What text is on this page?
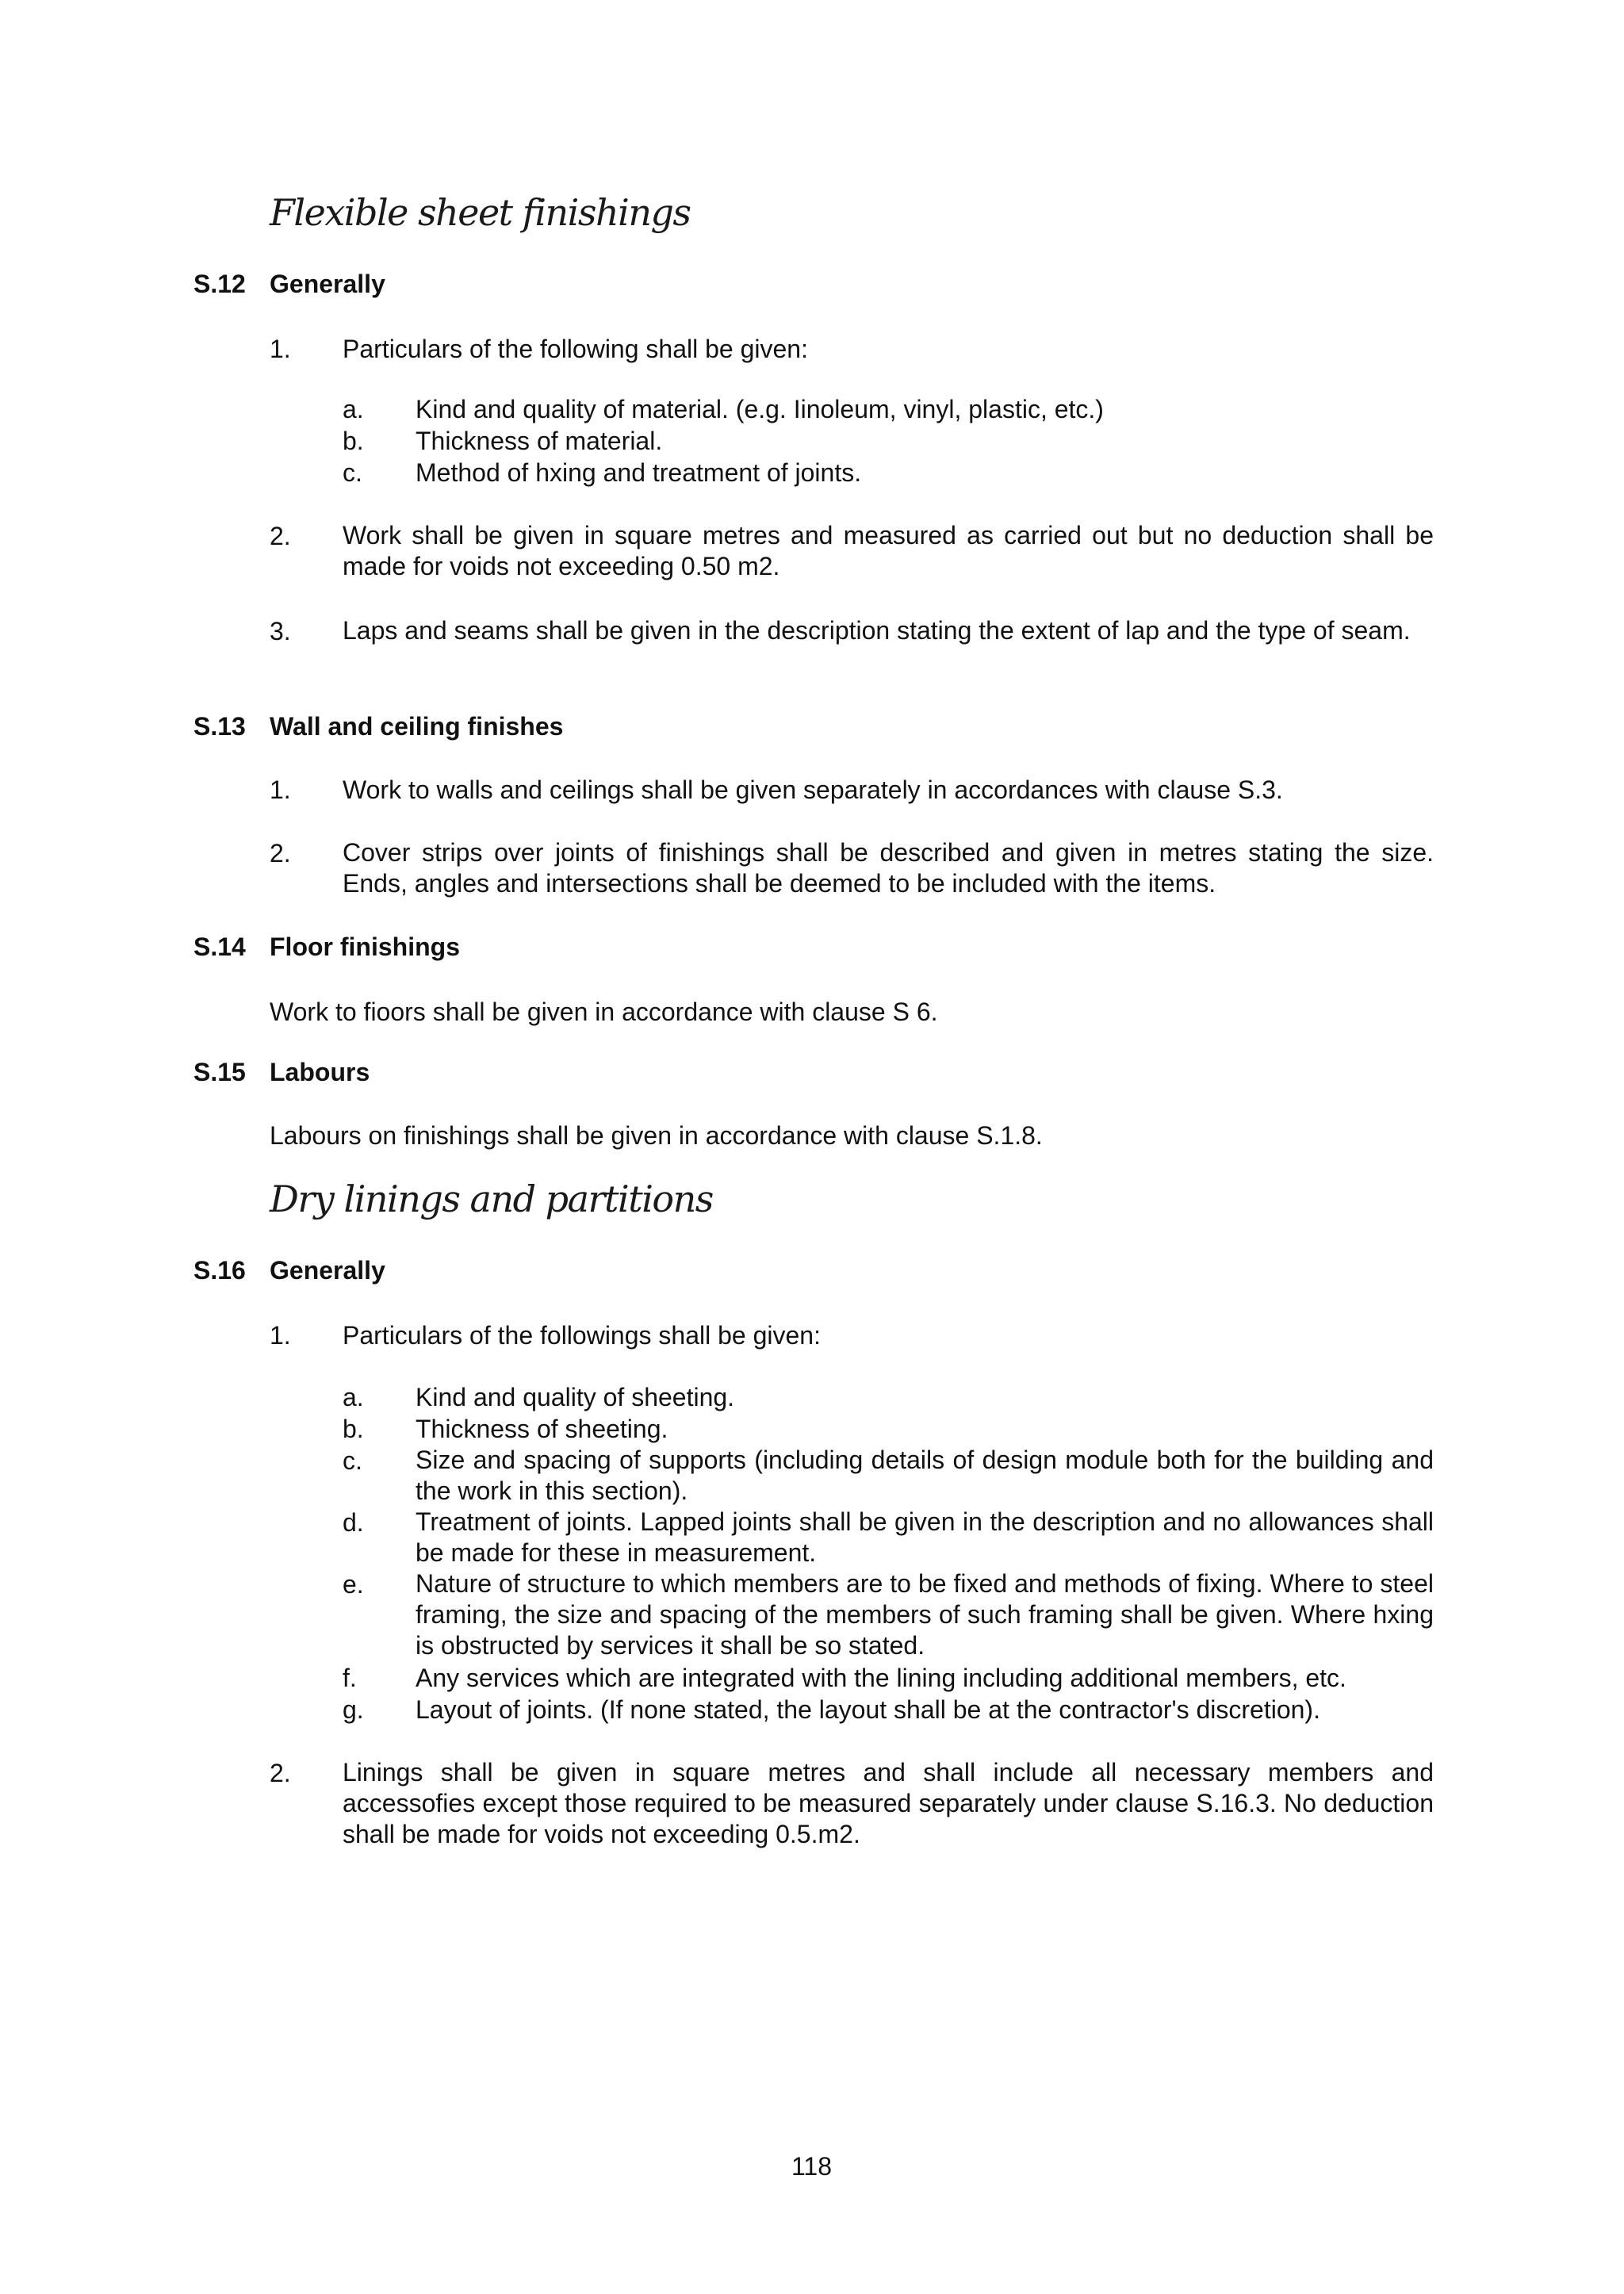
Flexible sheet finishings
S.12 Generally
1. Particulars of the following shall be given:
a. Kind and quality of material. (e.g. Iinoleum, vinyl, plastic, etc.)
b. Thickness of material.
c. Method of hxing and treatment of joints.
2. Work shall be given in square metres and measured as carried out but no deduction shall be made for voids not exceeding 0.50 m2.
3. Laps and seams shall be given in the description stating the extent of lap and the type of seam.
S.13 Wall and ceiling finishes
1. Work to walls and ceilings shall be given separately in accordances with clause S.3.
2. Cover strips over joints of finishings shall be described and given in metres stating the size. Ends, angles and intersections shall be deemed to be included with the items.
S.14 Floor finishings
Work to fioors shall be given in accordance with clause S 6.
S.15 Labours
Labours on finishings shall be given in accordance with clause S.1.8.
Dry linings and partitions
S.16 Generally
1. Particulars of the followings shall be given:
a. Kind and quality of sheeting.
b. Thickness of sheeting.
c. Size and spacing of supports (including details of design module both for the building and the work in this section).
d. Treatment of joints. Lapped joints shall be given in the description and no allowances shall be made for these in measurement.
e. Nature of structure to which members are to be fixed and methods of fixing. Where to steel framing, the size and spacing of the members of such framing shall be given. Where hxing is obstructed by services it shall be so stated.
f. Any services which are integrated with the lining including additional members, etc.
g. Layout of joints. (If none stated, the layout shall be at the contractor's discretion).
2. Linings shall be given in square metres and shall include all necessary members and accessofies except those required to be measured separately under clause S.16.3. No deduction shall be made for voids not exceeding 0.5.m2.
118
